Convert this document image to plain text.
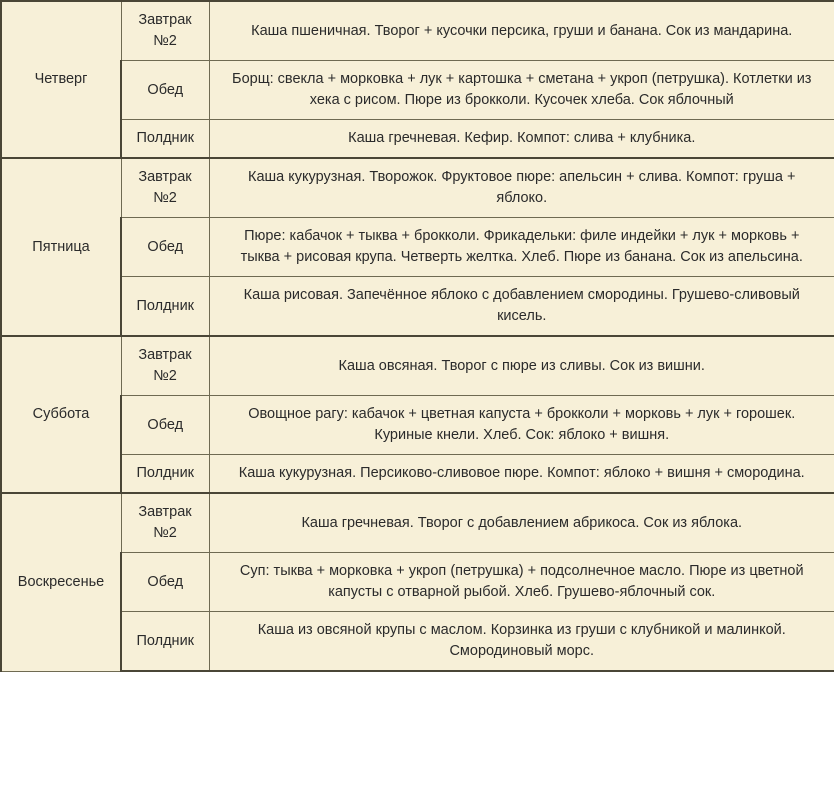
Четверг	Завтрак №2	Каша пшеничная. Творог + кусочки персика, груши и банана. Сок из мандарина.
	Обед	Борщ: свекла + морковка + лук + картошка + сметана + укроп (петрушка). Котлетки из хека с рисом. Пюре из брокколи. Кусочек хлеба. Сок яблочный
	Полдник	Каша гречневая. Кефир. Компот: слива + клубника.
Пятница	Завтрак №2	Каша кукурузная. Творожок. Фруктовое пюре: апельсин + слива. Компот: груша + яблоко.
	Обед	Пюре: кабачок + тыква + брокколи. Фрикадельки: филе индейки + лук + морковь + тыква + рисовая крупа. Четверть желтка. Хлеб. Пюре из банана. Сок из апельсина.
	Полдник	Каша рисовая. Запечённое яблоко с добавлением смородины. Грушево-сливовый кисель.
Суббота	Завтрак №2	Каша овсяная. Творог с пюре из сливы. Сок из вишни.
	Обед	Овощное рагу: кабачок + цветная капуста + брокколи + морковь + лук + горошек. Куриные кнели. Хлеб. Сок: яблоко + вишня.
	Полдник	Каша кукурузная. Персиково-сливовое пюре. Компот: яблоко + вишня + смородина.
Воскресенье	Завтрак №2	Каша гречневая. Творог с добавлением абрикоса. Сок из яблока.
	Обед	Суп: тыква + морковка + укроп (петрушка) + подсолнечное масло. Пюре из цветной капусты с отварной рыбой. Хлеб. Грушево-яблочный сок.
	Полдник	Каша из овсяной крупы с маслом. Корзинка из груши с клубникой и малинкой. Смородиновый морс.
